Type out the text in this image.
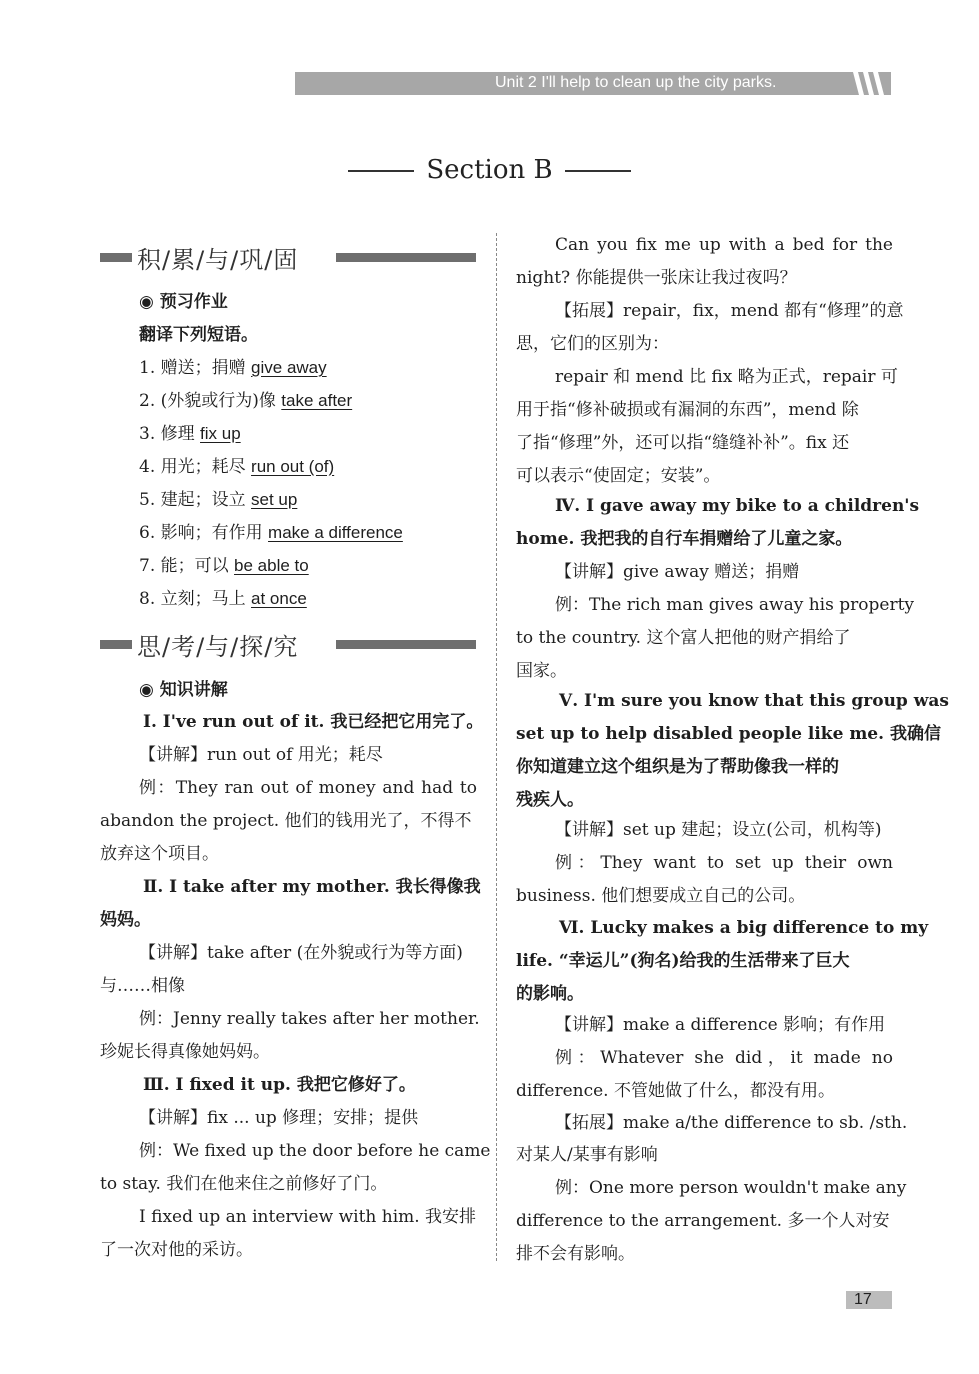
Unit 2 I'll help to clean up the city parks.
Section B
积/累/与/巩/固
◉ 预习作业
翻译下列短语。
1. 赠送；捐赠 give away
2. (外貌或行为)像 take after
3. 修理 fix up
4. 用光；耗尽 run out (of)
5. 建起；设立 set up
6. 影响；有作用 make a difference
7. 能；可以 be able to
8. 立刻；马上 at once
思/考/与/探/究
◉ 知识讲解
Ⅰ. I've run out of it. 我已经把它用完了。
【讲解】run out of 用光；耗尽
例：They ran out of money and had to
abandon the project. 他们的钱用光了，不得不
放弃这个项目。
Ⅱ. I take after my mother. 我长得像我
妈妈。
【讲解】take after (在外貌或行为等方面)
与……相像
例：Jenny really takes after her mother.
珍妮长得真像她妈妈。
Ⅲ. I fixed it up. 我把它修好了。
【讲解】fix ... up 修理；安排；提供
例：We fixed up the door before he came
to stay. 我们在他来住之前修好了门。
I fixed up an interview with him. 我安排
了一次对他的采访。
Can you fix me up with a bed for the
night? 你能提供一张床让我过夜吗？
【拓展】repair，fix，mend 都有“修理”的意
思，它们的区别为：
repair 和 mend 比 fix 略为正式，repair 可
用于指“修补破损或有漏洞的东西”，mend 除
了指“修理”外，还可以指“缝缝补补”。fix 还
可以表示“使固定；安装”。
Ⅳ. I gave away my bike to a children's
home. 我把我的自行车捐赠给了儿童之家。
【讲解】give away 赠送；捐赠
例：The rich man gives away his property
to the country. 这个富人把他的财产捐给了
国家。
Ⅴ. I'm sure you know that this group was
set up to help disabled people like me. 我确信
你知道建立这个组织是为了帮助像我一样的
残疾人。
【讲解】set up 建起；设立(公司，机构等)
例：They want to set up their own
business. 他们想要成立自己的公司。
Ⅵ. Lucky makes a big difference to my
life. “幸运儿”(狗名)给我的生活带来了巨大
的影响。
【讲解】make a difference 影响；有作用
例：Whatever she did，it made no
difference. 不管她做了什么，都没有用。
【拓展】make a/the difference to sb. /sth.
对某人/某事有影响
例：One more person wouldn't make any
difference to the arrangement. 多一个人对安
排不会有影响。
17
